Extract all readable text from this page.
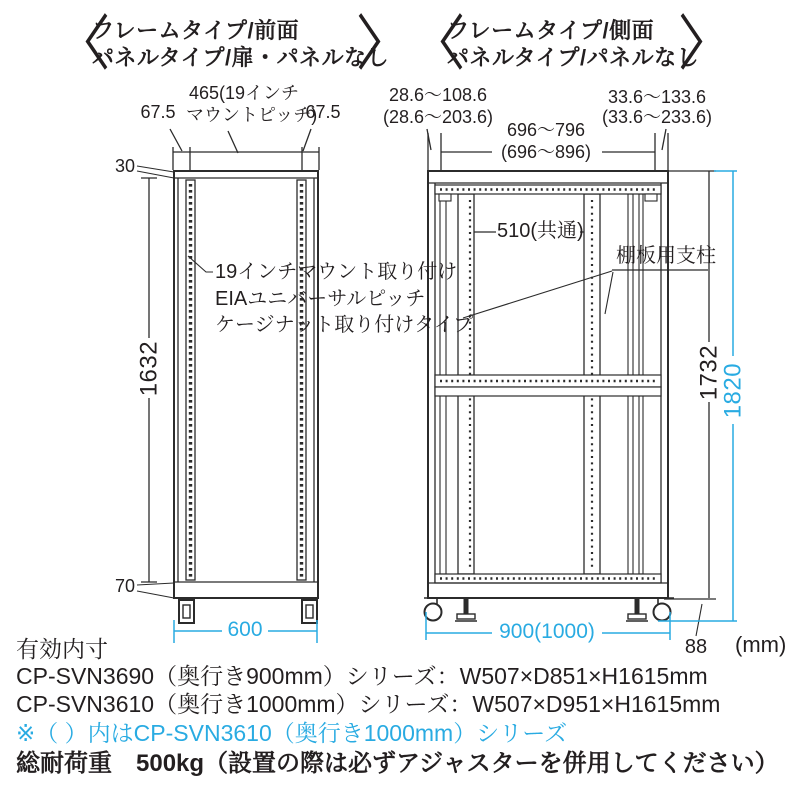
〈
フレームタイプ/前面
パネルタイプ/扉・パネルなし
〉 〈
フレームタイプ/側面
パネルタイプ/パネルなし
〉
67.5
465(19インチ
マウントピッチ)
67.5
30
1632
70
600
19インチマウント取り付け
EIAユニバーサルピッチ
ケージナット取り付けタイプ
28.6～108.6
(28.6～203.6)
696～796
(696～896)
33.6～133.6
(33.6～233.6)
510(共通)
棚板用支柱
1732
1820
900(1000)
88 (mm)
有効内寸
CP-SVN3690（奥行き900mm）シリーズ：W507×D851×H1615mm
CP-SVN3610（奥行き1000mm）シリーズ：W507×D951×H1615mm
※（ ）内はCP-SVN3610（奥行き1000mm）シリーズ
総耐荷重　500kg（設置の際は必ずアジャスターを併用してください）
